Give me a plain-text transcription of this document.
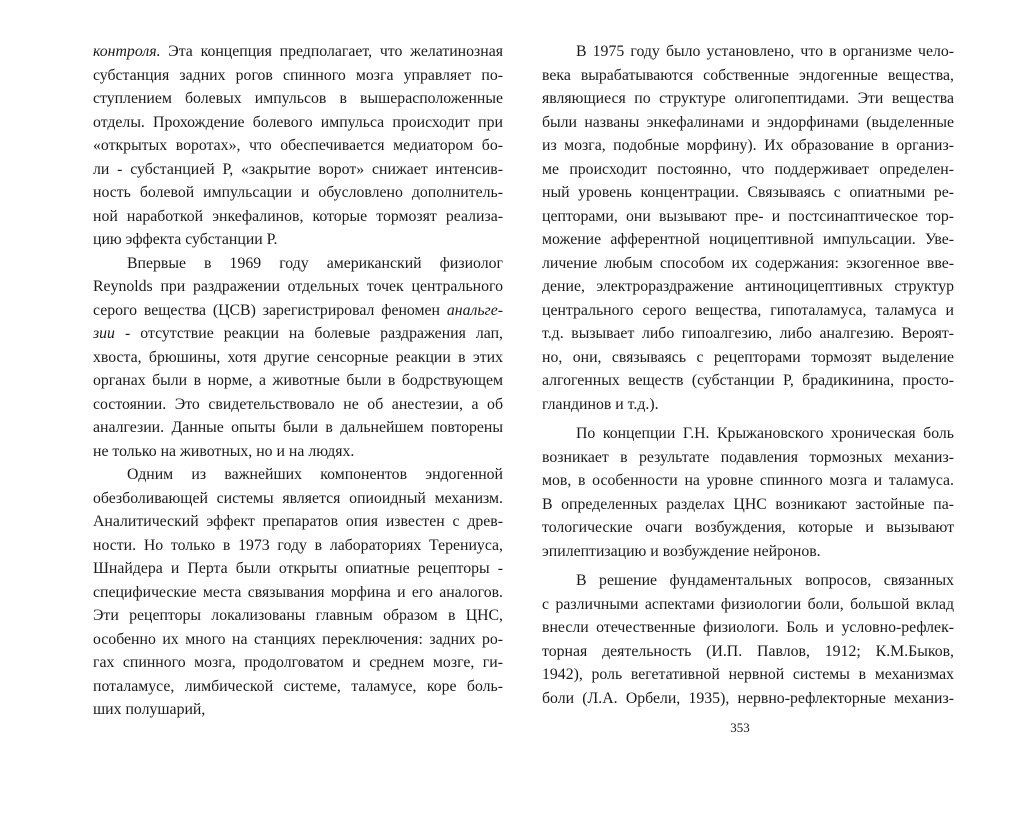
контроля. Эта концепция предполагает, что желатинозная
субстанция задних рогов спинного мозга управляет по-
ступлением болевых импульсов в вышерасположенные
отделы. Прохождение болевого импульса происходит при
«открытых воротах», что обеспечивается медиатором бо-
ли - субстанцией Р, «закрытие ворот» снижает интенсив-
ность болевой импульсации и обусловлено дополнитель-
ной наработкой энкефалинов, которые тормозят реализа-
цию эффекта субстанции Р.
Впервые в 1969 году американский физиолог
Reynolds при раздражении отдельных точек центрального
серого вещества (ЦСВ) зарегистрировал феномен анальге-
зии - отсутствие реакции на болевые раздражения лап,
хвоста, брюшины, хотя другие сенсорные реакции в этих
органах были в норме, а животные были в бодрствующем
состоянии. Это свидетельствовало не об анестезии, а об
аналгезии. Данные опыты были в дальнейшем повторены
не только на животных, но и на людях.
Одним из важнейших компонентов эндогенной
обезболивающей системы является опиоидный механизм.
Аналитический эффект препаратов опия известен с древ-
ности. Но только в 1973 году в лабораториях Терениуса,
Шнайдера и Перта были открыты опиатные рецепторы -
специфические места связывания морфина и его аналогов.
Эти рецепторы локализованы главным образом в ЦНС,
особенно их много на станциях переключения: задних ро-
гах спинного мозга, продолговатом и среднем мозге, ги-
поталамусе, лимбической системе, таламусе, коре боль-
ших полушарий,
В 1975 году было установлено, что в организме чело-
века вырабатываются собственные эндогенные вещества,
являющиеся по структуре олигопептидами. Эти вещества
были названы энкефалинами и эндорфинами (выделенные
из мозга, подобные морфину). Их образование в организ-
ме происходит постоянно, что поддерживает определен-
ный уровень концентрации. Связываясь с опиатными ре-
цепторами, они вызывают пре- и постсинаптическое тор-
можение афферентной ноцицептивной импульсации. Уве-
личение любым способом их содержания: экзогенное вве-
дение, электрораздражение антиноцицептивных структур
центрального серого вещества, гипоталамуса, таламуса и
т.д. вызывает либо гипоалгезию, либо аналгезию. Вероят-
но, они, связываясь с рецепторами тормозят выделение
алгогенных веществ (субстанции Р, брадикинина, просто-
гландинов и т.д.).
По концепции Г.Н. Крыжановского хроническая боль
возникает в результате подавления тормозных механиз-
мов, в особенности на уровне спинного мозга и таламуса.
В определенных разделах ЦНС возникают застойные па-
тологические очаги возбуждения, которые и вызывают
эпилептизацию и возбуждение нейронов.
В решение фундаментальных вопросов, связанных
с различными аспектами физиологии боли, большой вклад
внесли отечественные физиологи. Боль и условно-рефлек-
торная деятельность (И.П. Павлов, 1912; К.М.Быков,
1942), роль вегетативной нервной системы в механизмах
боли (Л.А. Орбели, 1935), нервно-рефлекторные механиз-
353
